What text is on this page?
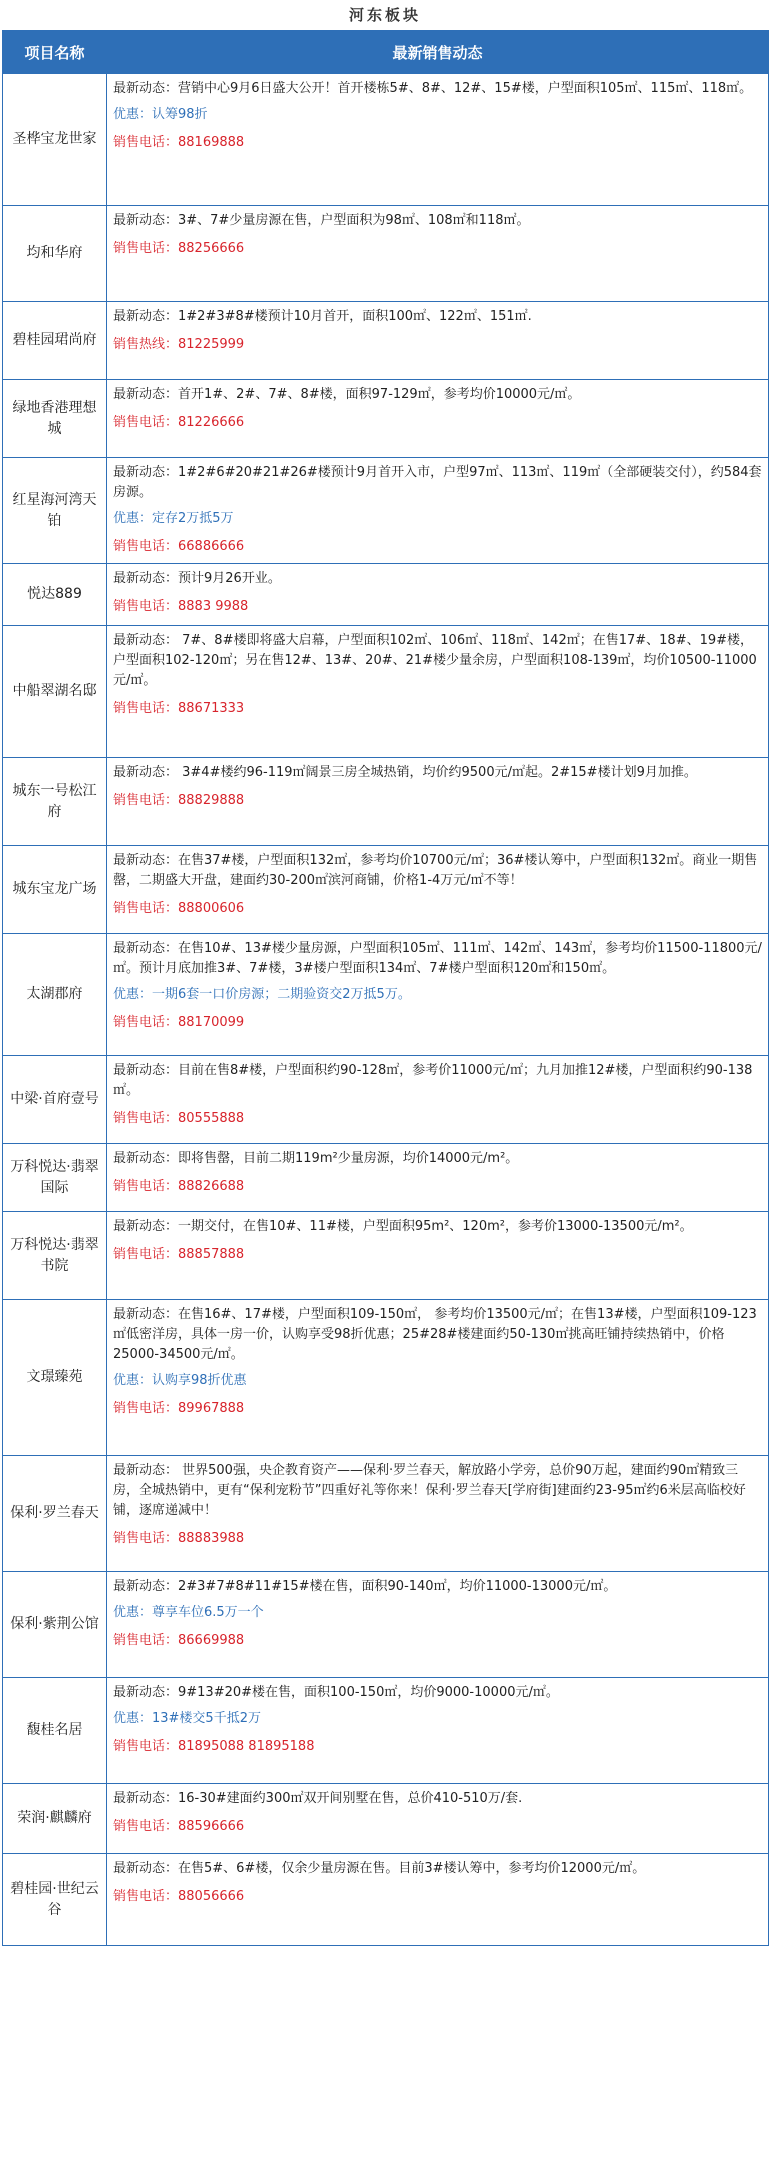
河东板块
项目名称	最新销售动态
圣桦宝龙世家	最新动态：营销中心9月6日盛大公开！首开楼栋5#、8#、12#、15#楼，户型面积105㎡、115㎡、118㎡。
优惠：认筹98折
销售电话：88169888

均和华府	最新动态：3#、7#少量房源在售，户型面积为98㎡、108㎡和118㎡。
销售电话：88256666

碧桂园珺尚府	最新动态：1#2#3#8#楼预计10月首开，面积100㎡、122㎡、151㎡.
销售热线：81225999

绿地香港理想城	最新动态：首开1#、2#、7#、8#楼，面积97-129㎡，参考均价10000元/㎡。
销售电话：81226666

红星海河湾天铂	最新动态：1#2#6#20#21#26#楼预计9月首开入市，户型97㎡、113㎡、119㎡（全部硬装交付），约584套房源。
优惠：定存2万抵5万
销售电话：66886666

悦达889	最新动态：预计9月26开业。
销售电话：8883 9988

中船翠湖名邸	最新动态： 7#、8#楼即将盛大启幕，户型面积102㎡、106㎡、118㎡、142㎡；在售17#、18#、19#楼，户型面积102-120㎡；另在售12#、13#、20#、21#楼少量余房，户型面积108-139㎡，均价10500-11000元/㎡。
销售电话：88671333

城东一号松江府	最新动态： 3#4#楼约96-119㎡阔景三房全城热销，均价约9500元/㎡起。2#15#楼计划9月加推。
销售电话：88829888

城东宝龙广场	最新动态：在售37#楼，户型面积132㎡，参考均价10700元/㎡；36#楼认筹中，户型面积132㎡。商业一期售罄，二期盛大开盘，建面约30-200㎡滨河商铺，价格1-4万元/㎡不等！
销售电话：88800606

太湖郡府	最新动态：在售10#、13#楼少量房源，户型面积105㎡、111㎡、142㎡、143㎡，参考均价11500-11800元/㎡。预计月底加推3#、7#楼，3#楼户型面积134㎡、7#楼户型面积120㎡和150㎡。
优惠：一期6套一口价房源；二期验资交2万抵5万。
销售电话：88170099

中梁·首府壹号	最新动态：目前在售8#楼，户型面积约90-128㎡，参考价11000元/㎡；九月加推12#楼，户型面积约90-138㎡。
销售电话：80555888

万科悦达·翡翠国际	最新动态：即将售罄，目前二期119m²少量房源，均价14000元/m²。
销售电话：88826688

万科悦达·翡翠书院	最新动态：一期交付，在售10#、11#楼，户型面积95m²、120m²，参考价13000-13500元/m²。
销售电话：88857888

文璟臻苑	最新动态：在售16#、17#楼，户型面积109-150㎡， 参考均价13500元/㎡；在售13#楼，户型面积109-123㎡低密洋房，具体一房一价，认购享受98折优惠；25#28#楼建面约50-130㎡挑高旺铺持续热销中，价格25000-34500元/㎡。
优惠：认购享98折优惠
销售电话：89967888

保利·罗兰春天	最新动态： 世界500强，央企教育资产——保利·罗兰春天，解放路小学旁，总价90万起，建面约90㎡精致三房，全城热销中，更有“保利宠粉节”四重好礼等你来！保利·罗兰春天[学府街]建面约23-95㎡约6米层高临校好铺，逐席递减中！
销售电话：88883988

保利·紫荆公馆	最新动态：2#3#7#8#11#15#楼在售，面积90-140㎡，均价11000-13000元/㎡。
优惠：尊享车位6.5万一个
销售电话：86669988

馥桂名居	最新动态：9#13#20#楼在售，面积100-150㎡，均价9000-10000元/㎡。
优惠：13#楼交5千抵2万
销售电话：81895088 81895188

荣润·麒麟府	最新动态：16-30#建面约300㎡双开间别墅在售，总价410-510万/套.
销售电话：88596666

碧桂园·世纪云谷	最新动态：在售5#、6#楼，仅余少量房源在售。目前3#楼认筹中，参考均价12000元/㎡。
销售电话：88056666
